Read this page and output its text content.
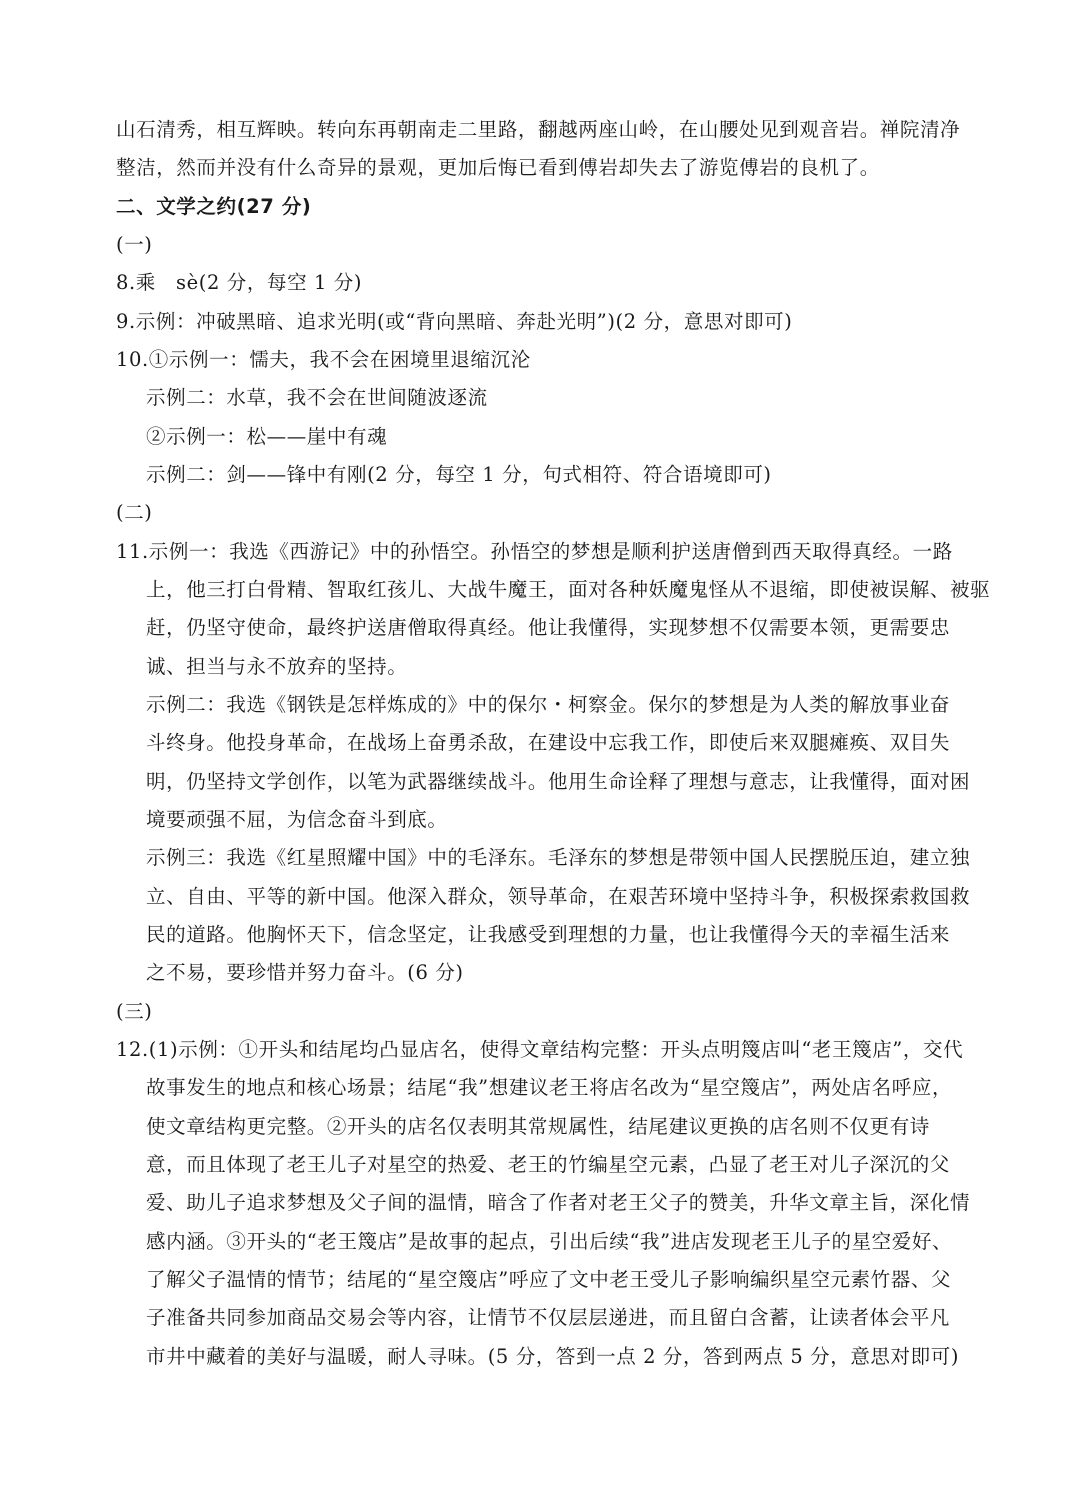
山石清秀，相互辉映。转向东再朝南走二里路，翻越两座山岭，在山腰处见到观音岩。禅院清净
整洁，然而并没有什么奇异的景观，更加后悔已看到傅岩却失去了游览傅岩的良机了。
二、文学之约(27 分)
(一)
8.乘　sè(2 分，每空 1 分)
9.示例：冲破黑暗、追求光明(或“背向黑暗、奔赴光明”)(2 分，意思对即可)
10.①示例一：懦夫，我不会在困境里退缩沉沦
示例二：水草，我不会在世间随波逐流
②示例一：松——崖中有魂
示例二：剑——锋中有刚(2 分，每空 1 分，句式相符、符合语境即可)
(二)
11.示例一：我选《西游记》中的孙悟空。孙悟空的梦想是顺利护送唐僧到西天取得真经。一路
上，他三打白骨精、智取红孩儿、大战牛魔王，面对各种妖魔鬼怪从不退缩，即使被误解、被驱
赶，仍坚守使命，最终护送唐僧取得真经。他让我懂得，实现梦想不仅需要本领，更需要忠
诚、担当与永不放弃的坚持。
示例二：我选《钢铁是怎样炼成的》中的保尔・柯察金。保尔的梦想是为人类的解放事业奋
斗终身。他投身革命，在战场上奋勇杀敌，在建设中忘我工作，即使后来双腿瘫痪、双目失
明，仍坚持文学创作，以笔为武器继续战斗。他用生命诠释了理想与意志，让我懂得，面对困
境要顽强不屈，为信念奋斗到底。
示例三：我选《红星照耀中国》中的毛泽东。毛泽东的梦想是带领中国人民摆脱压迫，建立独
立、自由、平等的新中国。他深入群众，领导革命，在艰苦环境中坚持斗争，积极探索救国救
民的道路。他胸怀天下，信念坚定，让我感受到理想的力量，也让我懂得今天的幸福生活来
之不易，要珍惜并努力奋斗。(6 分)
(三)
12.(1)示例：①开头和结尾均凸显店名，使得文章结构完整：开头点明篾店叫“老王篾店”，交代
故事发生的地点和核心场景；结尾“我”想建议老王将店名改为“星空篾店”，两处店名呼应，
使文章结构更完整。②开头的店名仅表明其常规属性，结尾建议更换的店名则不仅更有诗
意，而且体现了老王儿子对星空的热爱、老王的竹编星空元素，凸显了老王对儿子深沉的父
爱、助儿子追求梦想及父子间的温情，暗含了作者对老王父子的赞美，升华文章主旨，深化情
感内涵。③开头的“老王篾店”是故事的起点，引出后续“我”进店发现老王儿子的星空爱好、
了解父子温情的情节；结尾的“星空篾店”呼应了文中老王受儿子影响编织星空元素竹器、父
子准备共同参加商品交易会等内容，让情节不仅层层递进，而且留白含蓄，让读者体会平凡
市井中藏着的美好与温暖，耐人寻味。(5 分，答到一点 2 分，答到两点 5 分，意思对即可)
